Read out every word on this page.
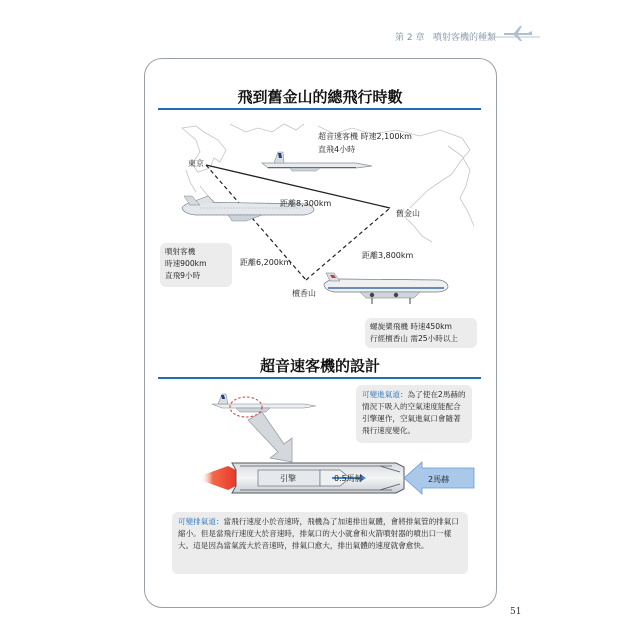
第 2 章 噴射客機的種類
飛到舊金山的總飛行時數
東京
舊金山
檀香山
距離8,300km
距離6,200km
距離3,800km
超音速客機 時速2,100km
直飛4小時
噴射客機
時速900km
直飛9小時
螺旋槳飛機 時速450km
行經檀香山 需25小時以上
超音速客機的設計
可變進氣道：為了使在2馬赫的情況下吸入的空氣速度能配合引擎運作，空氣進氣口會隨著飛行速度變化。
引擎	0.5馬赫	2馬赫
可變排氣道：當飛行速度小於音速時，飛機為了加速排出氣體，會將排氣管的排氣口縮小。但是當飛行速度大於音速時，排氣口的大小就會和火箭噴射器的噴出口一樣大。這是因為當氣流大於音速時，排氣口愈大，排出氣體的速度就會愈快。
51
